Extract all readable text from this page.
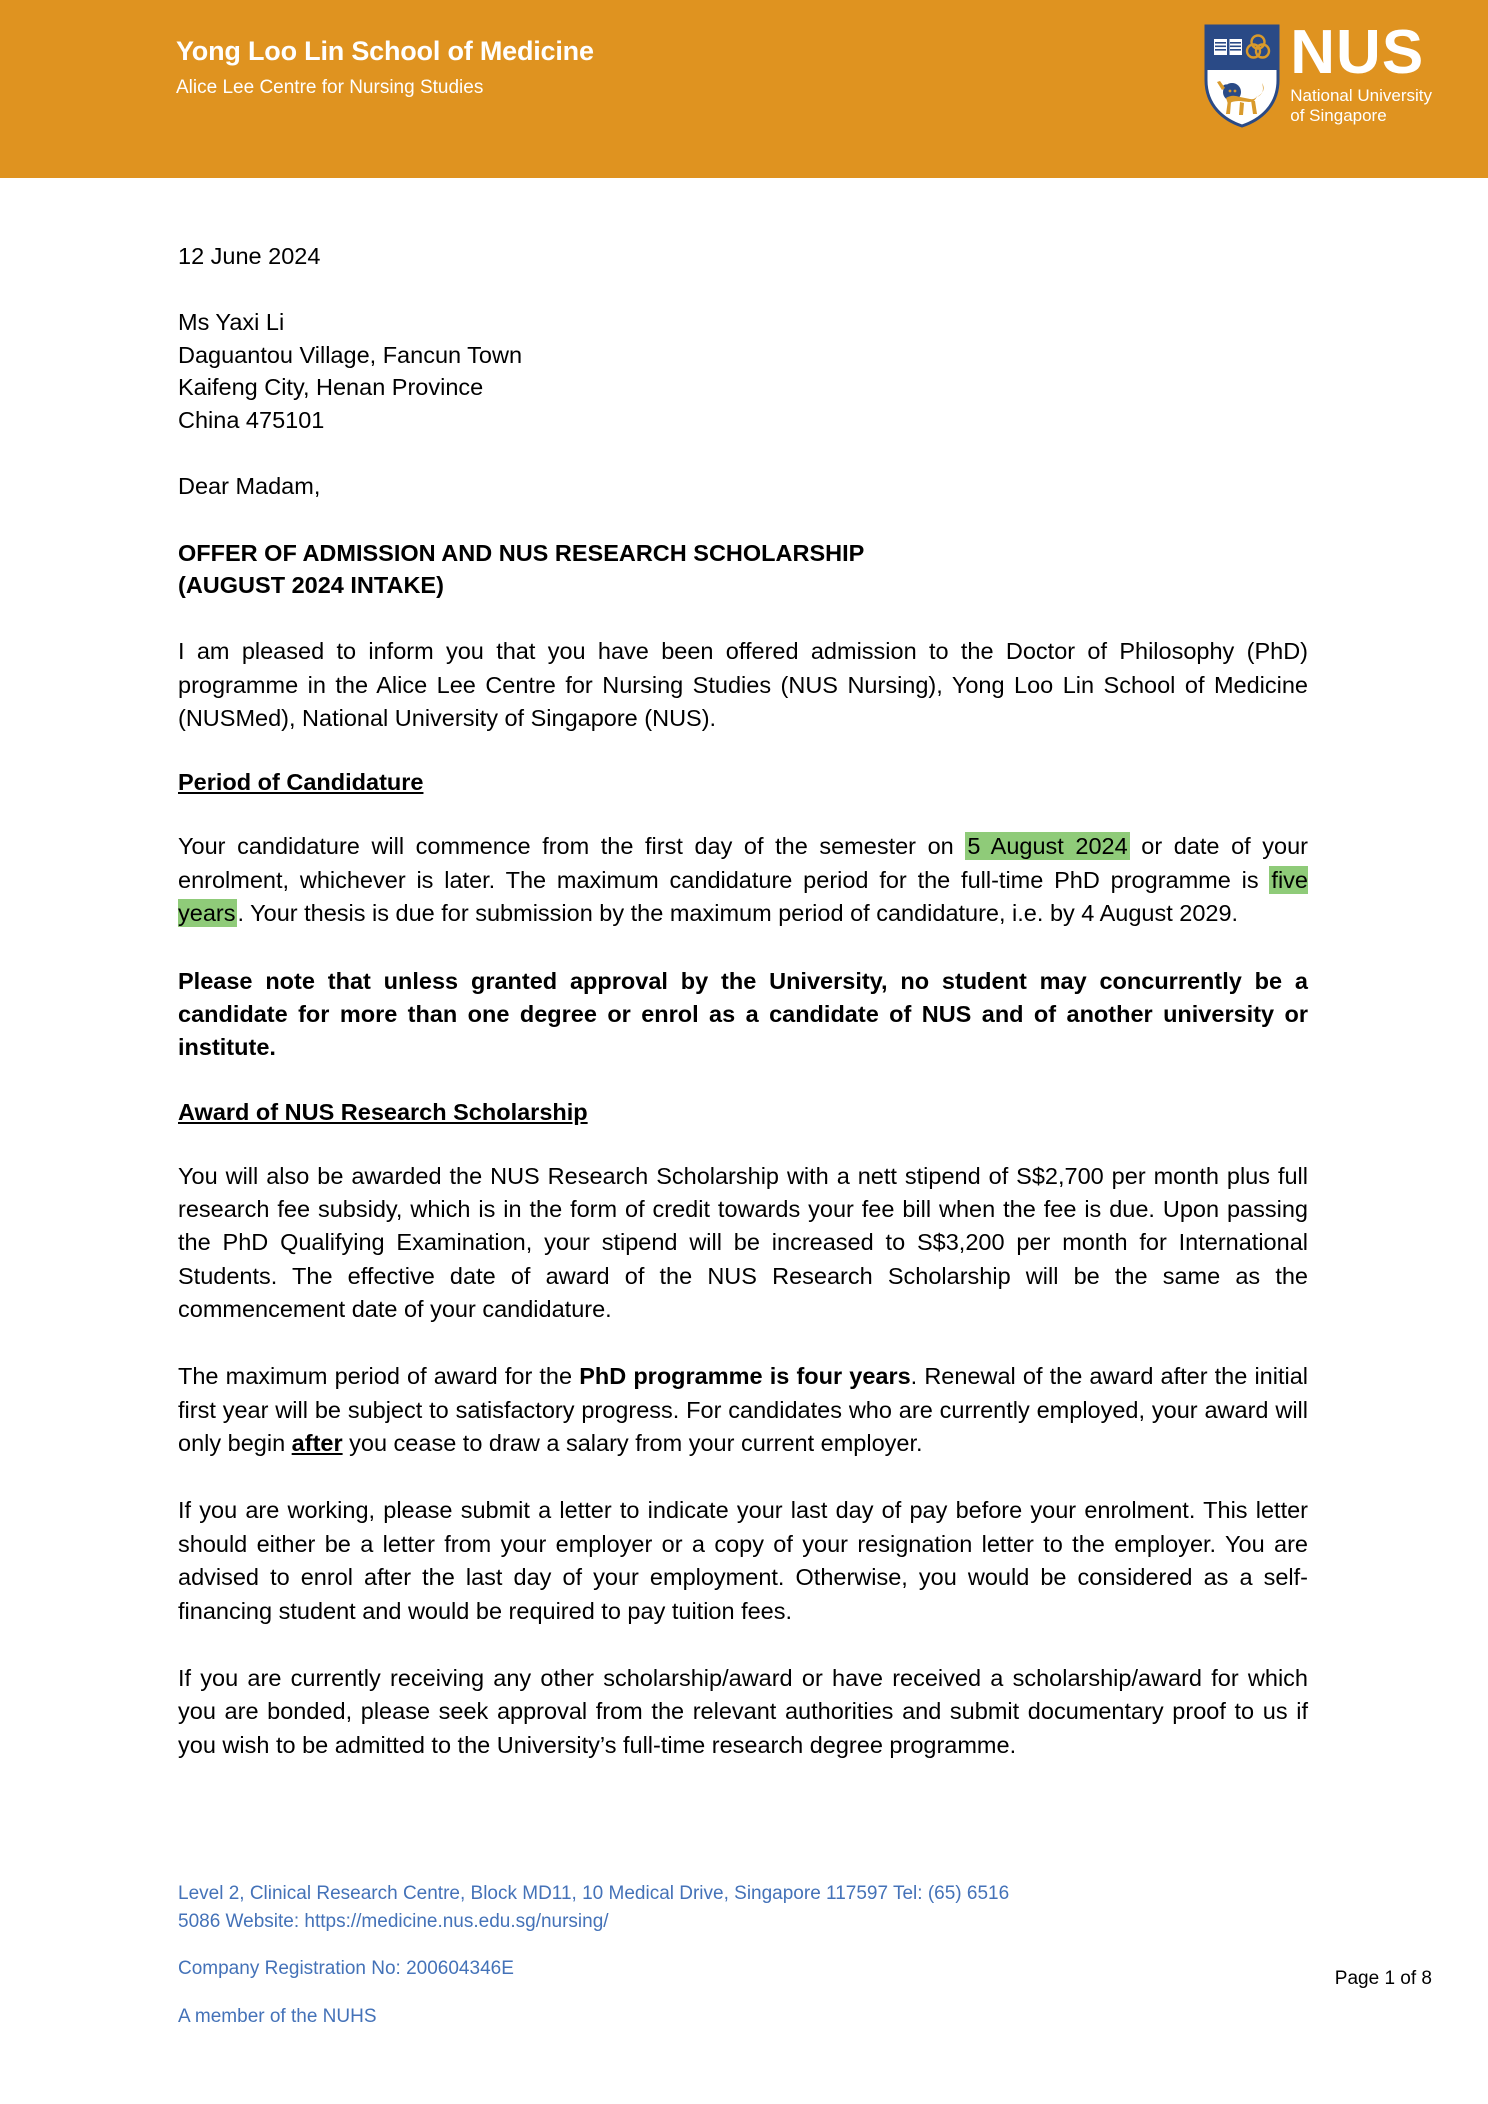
Yong Loo Lin School of Medicine
Alice Lee Centre for Nursing Studies
NUS
National University
of Singapore
12 June 2024
Ms Yaxi Li
Daguantou Village, Fancun Town
Kaifeng City, Henan Province
China 475101
Dear Madam,
OFFER OF ADMISSION AND NUS RESEARCH SCHOLARSHIP
(AUGUST 2024 INTAKE)
I am pleased to inform you that you have been offered admission to the Doctor of Philosophy (PhD) programme in the Alice Lee Centre for Nursing Studies (NUS Nursing), Yong Loo Lin School of Medicine (NUSMed), National University of Singapore (NUS).
Period of Candidature
Your candidature will commence from the first day of the semester on 5 August 2024 or date of your enrolment, whichever is later. The maximum candidature period for the full-time PhD programme is five years. Your thesis is due for submission by the maximum period of candidature, i.e. by 4 August 2029.
Please note that unless granted approval by the University, no student may concurrently be a candidate for more than one degree or enrol as a candidate of NUS and of another university or institute.
Award of NUS Research Scholarship
You will also be awarded the NUS Research Scholarship with a nett stipend of S$2,700 per month plus full research fee subsidy, which is in the form of credit towards your fee bill when the fee is due. Upon passing the PhD Qualifying Examination, your stipend will be increased to S$3,200 per month for International Students. The effective date of award of the NUS Research Scholarship will be the same as the commencement date of your candidature.
The maximum period of award for the PhD programme is four years. Renewal of the award after the initial first year will be subject to satisfactory progress. For candidates who are currently employed, your award will only begin after you cease to draw a salary from your current employer.
If you are working, please submit a letter to indicate your last day of pay before your enrolment. This letter should either be a letter from your employer or a copy of your resignation letter to the employer. You are advised to enrol after the last day of your employment. Otherwise, you would be considered as a self-financing student and would be required to pay tuition fees.
If you are currently receiving any other scholarship/award or have received a scholarship/award for which you are bonded, please seek approval from the relevant authorities and submit documentary proof to us if you wish to be admitted to the University’s full-time research degree programme.
Level 2, Clinical Research Centre, Block MD11, 10 Medical Drive, Singapore 117597 Tel: (65) 6516
5086 Website: https://medicine.nus.edu.sg/nursing/
Company Registration No: 200604346E
A member of the NUHS
Page 1 of 8
